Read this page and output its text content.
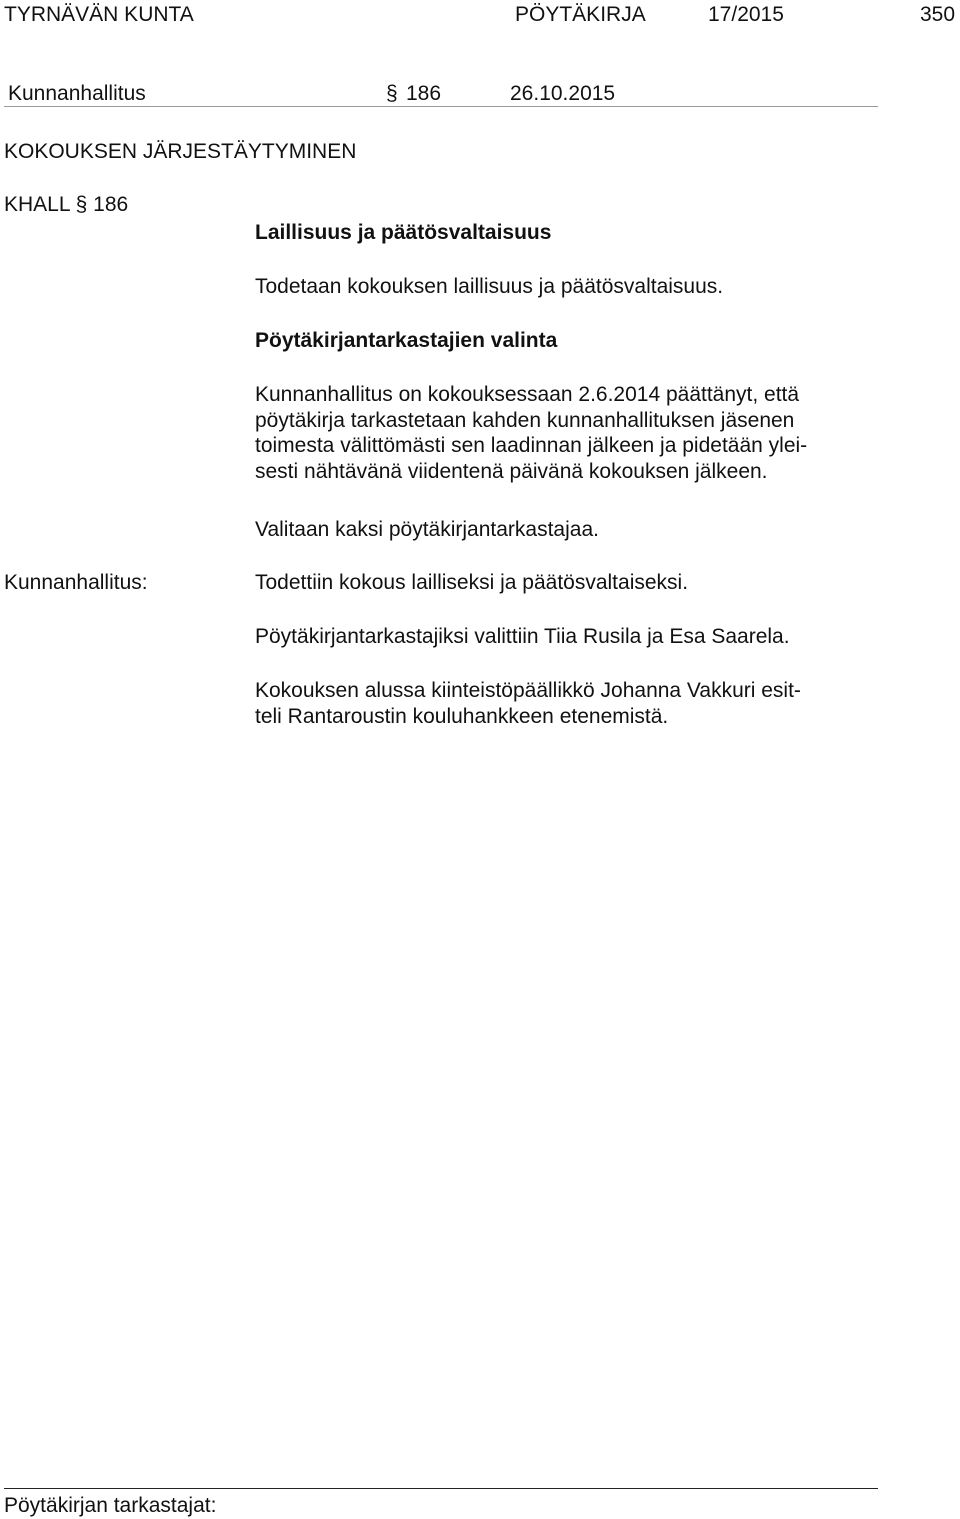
TYRNÄVÄN KUNTA	PÖYTÄKIRJA	17/2015	350
Kunnanhallitus	§ 186	26.10.2015
KOKOUKSEN JÄRJESTÄYTYMINEN
KHALL § 186
Laillisuus ja päätösvaltaisuus
Todetaan kokouksen laillisuus ja päätösvaltaisuus.
Pöytäkirjantarkastajien valinta
Kunnanhallitus on kokouksessaan 2.6.2014 päättänyt, että
pöytäkirja tarkastetaan kahden kunnanhallituksen jäsenen
toimesta välittömästi sen laadinnan jälkeen ja pidetään ylei-
sesti nähtävänä viidentenä päivänä kokouksen jälkeen.
Valitaan kaksi pöytäkirjantarkastajaa.
Kunnanhallitus:	Todettiin kokous lailliseksi ja päätösvaltaiseksi.
Pöytäkirjantarkastajiksi valittiin Tiia Rusila ja Esa Saarela.
Kokouksen alussa kiinteistöpäällikkö Johanna Vakkuri esit-
teli Rantaroustin kouluhankkeen etenemistä.
Pöytäkirjan tarkastajat:
